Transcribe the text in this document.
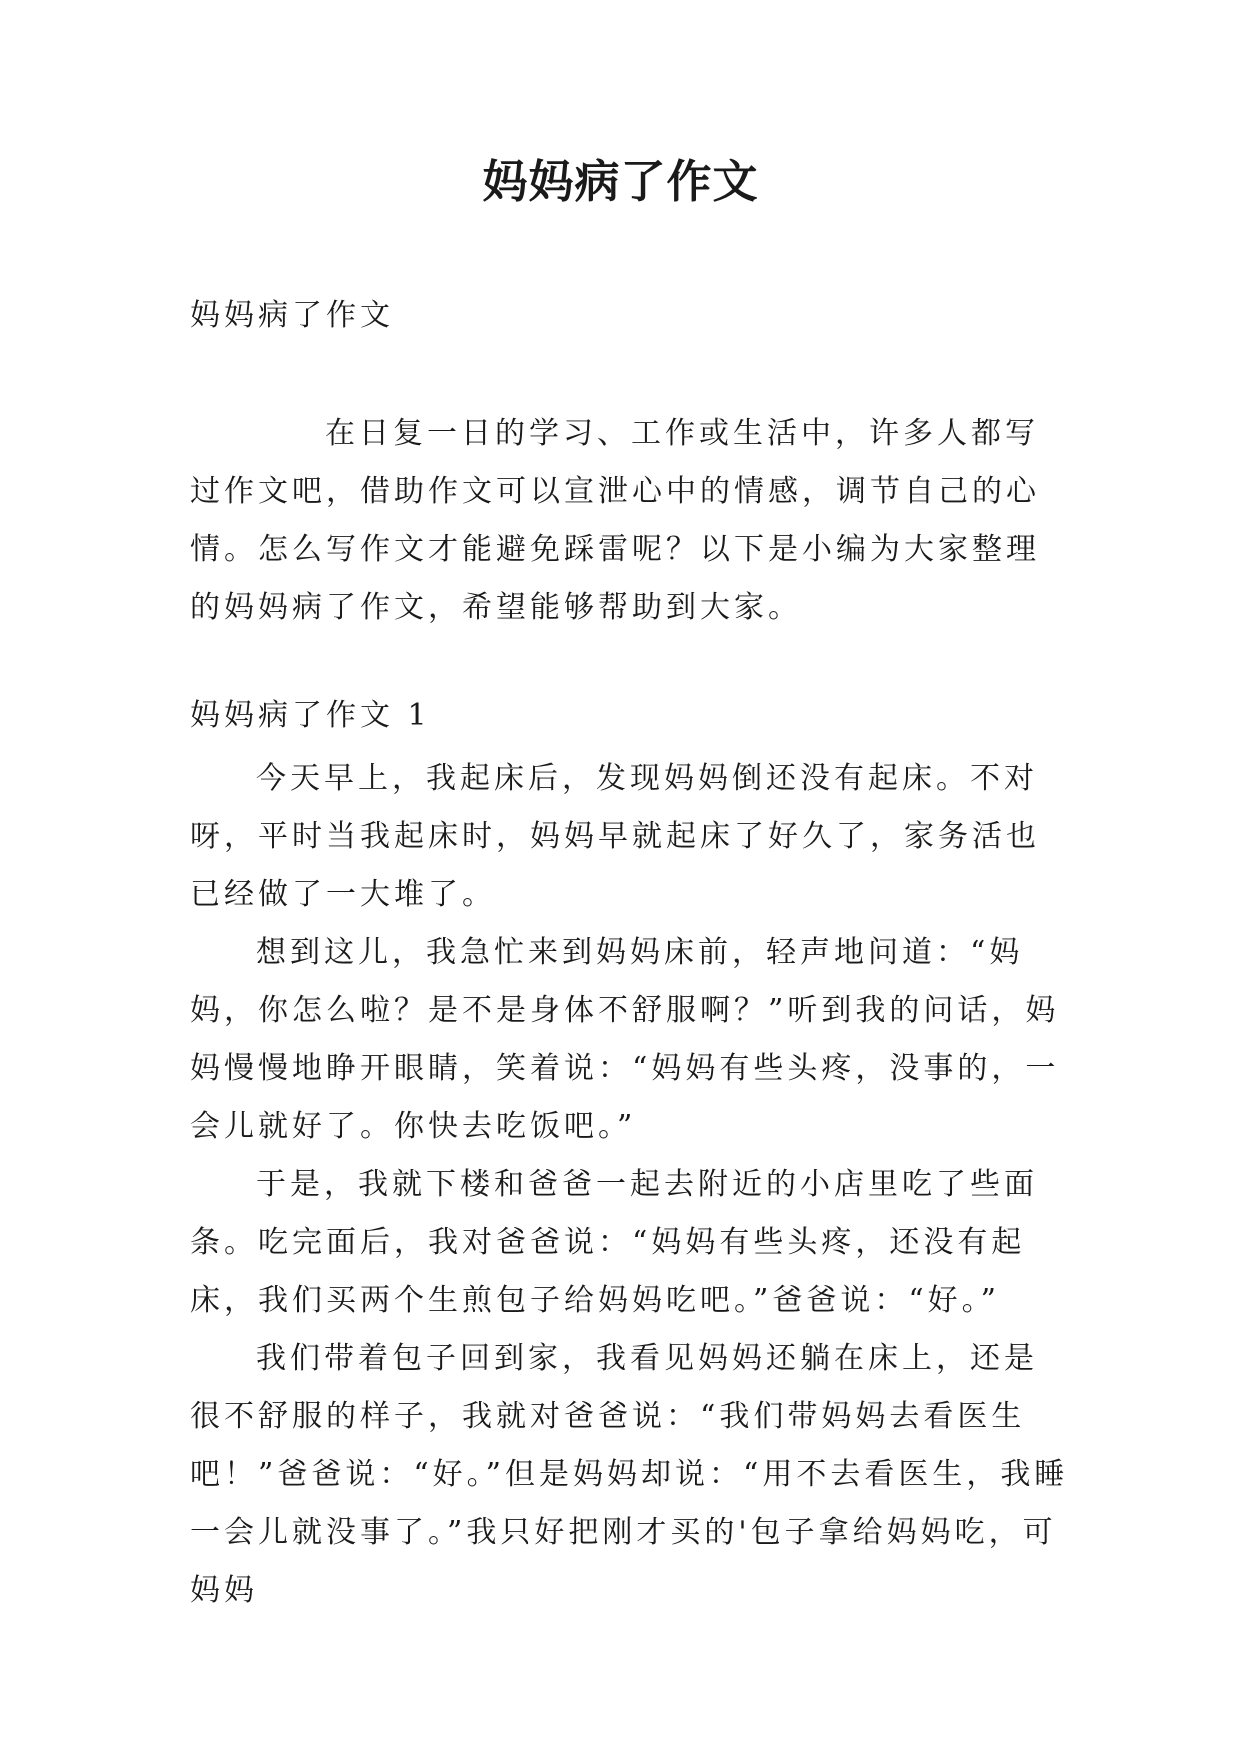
妈妈病了作文
妈妈病了作文

在日复一日的学习、工作或生活中，许多人都写过作文吧，借助作文可以宣泄心中的情感，调节自己的心情。怎么写作文才能避免踩雷呢？以下是小编为大家整理的妈妈病了作文，希望能够帮助到大家。

妈妈病了作文 1

今天早上，我起床后，发现妈妈倒还没有起床。不对呀，平时当我起床时，妈妈早就起床了好久了，家务活也已经做了一大堆了。

想到这儿，我急忙来到妈妈床前，轻声地问道：“妈妈，你怎么啦？是不是身体不舒服啊？”听到我的问话，妈妈慢慢地睁开眼睛，笑着说：“妈妈有些头疼，没事的，一会儿就好了。你快去吃饭吧。”

于是，我就下楼和爸爸一起去附近的小店里吃了些面条。吃完面后，我对爸爸说：“妈妈有些头疼，还没有起床，我们买两个生煎包子给妈妈吃吧。”爸爸说：“好。”

我们带着包子回到家，我看见妈妈还躺在床上，还是很不舒服的样子，我就对爸爸说：“我们带妈妈去看医生吧！”爸爸说：“好。”但是妈妈却说：“用不去看医生，我睡一会儿就没事了。”我只好把刚才买的'包子拿给妈妈吃，可妈妈
